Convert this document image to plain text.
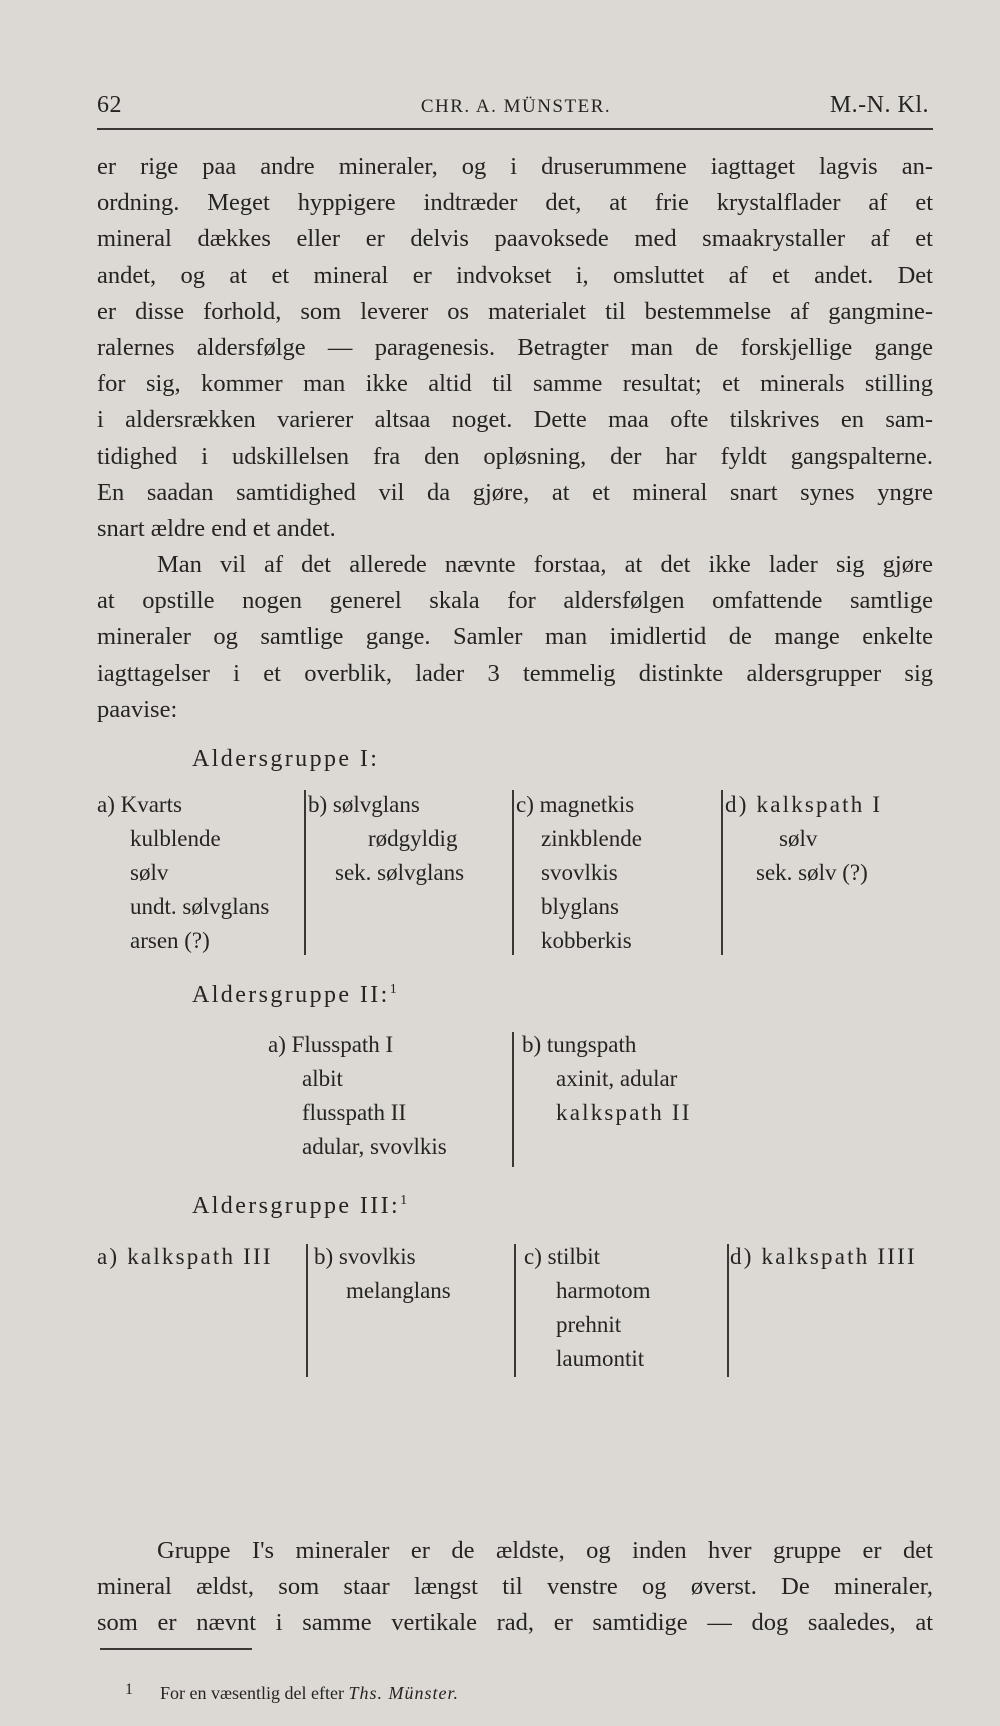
62	CHR. A. MÜNSTER.	M.-N. Kl.
er rige paa andre mineraler, og i druserummene iagttaget lagvis an-
ordning. Meget hyppigere indtræder det, at frie krystalflader af et
mineral dækkes eller er delvis paavoksede med smaakrystaller af et
andet, og at et mineral er indvokset i, omsluttet af et andet. Det
er disse forhold, som leverer os materialet til bestemmelse af gangmine-
ralernes aldersfølge — paragenesis. Betragter man de forskjellige gange
for sig, kommer man ikke altid til samme resultat; et minerals stilling
i aldersrækken varierer altsaa noget. Dette maa ofte tilskrives en sam-
tidighed i udskillelsen fra den opløsning, der har fyldt gangspalterne.
En saadan samtidighed vil da gjøre, at et mineral snart synes yngre
snart ældre end et andet.
Man vil af det allerede nævnte forstaa, at det ikke lader sig gjøre
at opstille nogen generel skala for aldersfølgen omfattende samtlige
mineraler og samtlige gange. Samler man imidlertid de mange enkelte
iagttagelser i et overblik, lader 3 temmelig distinkte aldersgrupper sig
paavise:
Aldersgruppe I:
a) Kvarts
kulblende
sølv
undt. sølvglans
arsen (?)
b) sølvglans
rødgyldig
sek. sølvglans
c) magnetkis
zinkblende
svovlkis
blyglans
kobberkis
d) kalkspath I
sølv
sek. sølv (?)
Aldersgruppe II:$^1$
a) Flusspath I
albit
flusspath II
adular, svovlkis
b) tungspath
axinit, adular
kalkspath II
Aldersgruppe III:$^1$
a) kalkspath III b) svovlkis
melanglans
c) stilbit
harmotom
prehnit
laumontit
d) kalkspath IIII
Gruppe I's mineraler er de ældste, og inden hver gruppe er det
mineral ældst, som staar længst til venstre og øverst. De mineraler,
som er nævnt i samme vertikale rad, er samtidige — dog saaledes, at
1 For en væsentlig del efter Ths. Münster.
